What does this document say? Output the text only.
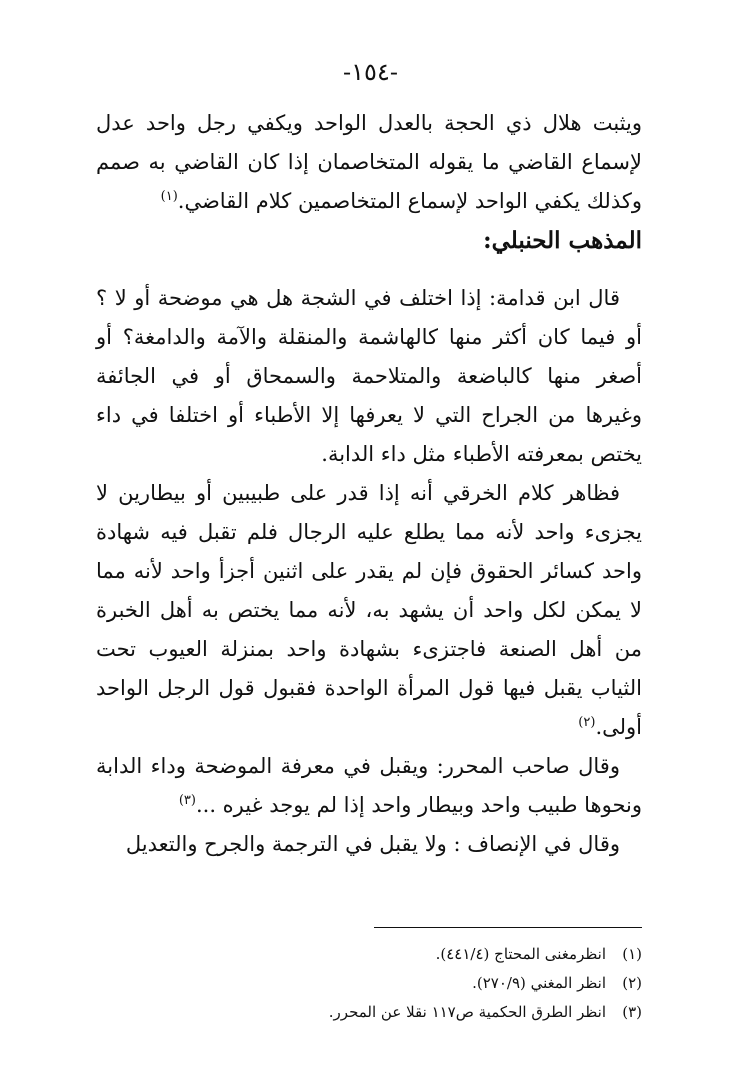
-١٥٤-

ويثبت هلال ذي الحجة بالعدل الواحد ويكفي رجل واحد عدل لإسماع القاضي ما يقوله المتخاصمان إذا كان القاضي به صمم وكذلك يكفي الواحد لإسماع المتخاصمين كلام القاضي.$^{(١)}$

المذهب الحنبلي:

قال ابن قدامة: إذا اختلف في الشجة هل هي موضحة أو لا ؟ أو فيما كان أكثر منها كالهاشمة والمنقلة والآمة والدامغة؟ أو أصغر منها كالباضعة والمتلاحمة والسمحاق أو في الجائفة وغيرها من الجراح التي لا يعرفها إلا الأطباء أو اختلفا في داء يختص بمعرفته الأطباء مثل داء الدابة.

فظاهر كلام الخرقي أنه إذا قدر على طبيبين أو بيطارين لا يجزىء واحد لأنه مما يطلع عليه الرجال فلم تقبل فيه شهادة واحد كسائر الحقوق فإن لم يقدر على اثنين أجزأ واحد لأنه مما لا يمكن لكل واحد أن يشهد به، لأنه مما يختص به أهل الخبرة من أهل الصنعة فاجتزىء بشهادة واحد بمنزلة العيوب تحت الثياب يقبل فيها قول المرأة الواحدة فقبول قول الرجل الواحد أولى.$^{(٢)}$

وقال صاحب المحرر: ويقبل في معرفة الموضحة وداء الدابة ونحوها طبيب واحد وبيطار واحد إذا لم يوجد غيره ...$^{(٣)}$

وقال في الإنصاف : ولا يقبل في الترجمة والجرح والتعديل

(١)
انظرمغنى المحتاج (٤٤١/٤).
(٢)
انظر المغني (٢٧٠/٩).
(٣)
انظر الطرق الحكمية ص١١٧ نقلا عن المحرر.
